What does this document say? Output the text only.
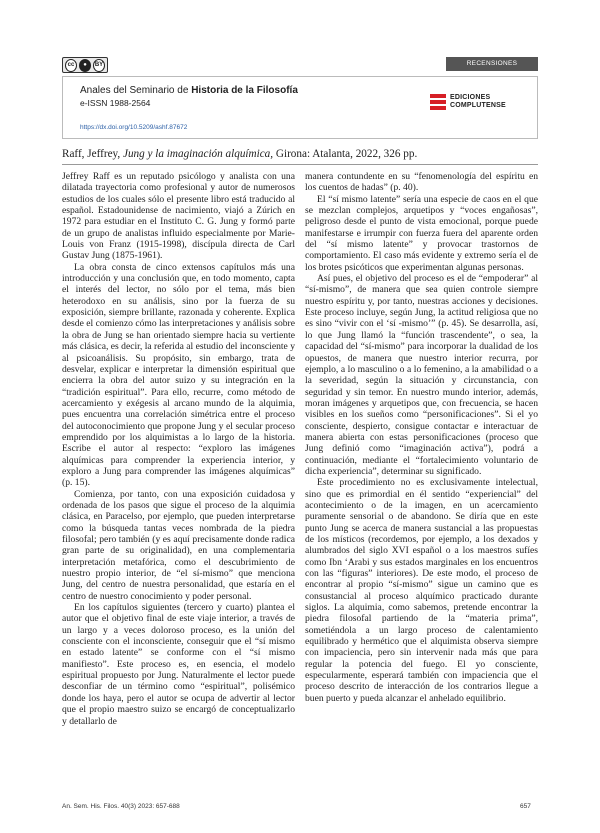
cc	●	BY	RECENSIONES
Anales del Seminario de Historia de la Filosofía
e-ISSN 1988-2564
https://dx.doi.org/10.5209/ashf.87672
EDICIONES
COMPLUTENSE
Raff, Jeffrey, Jung y la imaginación alquímica, Girona: Atalanta, 2022, 326 pp.

Jeffrey Raff es un reputado psicólogo y analista con una dilatada trayectoria como profesional y autor de numerosos estudios de los cuales sólo el presente libro está traducido al español. Estadounidense de nacimiento, viajó a Zúrich en 1972 para estudiar en el Instituto C. G. Jung y formó parte de un grupo de analistas influido especialmente por Marie-Louis von Franz (1915-1998), discípula directa de Carl Gustav Jung (1875-1961).

La obra consta de cinco extensos capítulos más una introducción y una conclusión que, en todo momento, capta el interés del lector, no sólo por el tema, más bien heterodoxo en su análisis, sino por la fuerza de su exposición, siempre brillante, razonada y coherente. Explica desde el comienzo cómo las interpretaciones y análisis sobre la obra de Jung se han orientado siempre hacia su vertiente más clásica, es decir, la referida al estudio del inconsciente y al psicoanálisis. Su propósito, sin embargo, trata de desvelar, explicar e interpretar la dimensión espiritual que encierra la obra del autor suizo y su integración en la “tradición espiritual”. Para ello, recurre, como método de acercamiento y exégesis al arcano mundo de la alquimia, pues encuentra una correlación simétrica entre el proceso del autoconocimiento que propone Jung y el secular proceso emprendido por los alquimistas a lo largo de la historia. Escribe el autor al respecto: “exploro las imágenes alquímicas para comprender la experiencia interior, y exploro a Jung para comprender las imágenes alquímicas” (p. 15).

Comienza, por tanto, con una exposición cuidadosa y ordenada de los pasos que sigue el proceso de la alquimia clásica, en Paracelso, por ejemplo, que pueden interpretarse como la búsqueda tantas veces nombrada de la piedra filosofal; pero también (y es aquí precisamente donde radica gran parte de su originalidad), en una complementaria interpretación metafórica, como el descubrimiento de nuestro propio interior, de “el sí-mismo” que menciona Jung, del centro de nuestra personalidad, que estaría en el centro de nuestro conocimiento y poder personal.

En los capítulos siguientes (tercero y cuarto) plantea el autor que el objetivo final de este viaje interior, a través de un largo y a veces doloroso proceso, es la unión del consciente con el inconsciente, conseguir que el “sí mismo en estado latente” se conforme con el “sí mismo manifiesto”. Este proceso es, en esencia, el modelo espiritual propuesto por Jung. Naturalmente el lector puede desconfiar de un término como “espiritual”, polisémico donde los haya, pero el autor se ocupa de advertir al lector que el propio maestro suizo se encargó de conceptualizarlo y detallarlo de

manera contundente en su “fenomenología del espíritu en los cuentos de hadas” (p. 40).

El “sí mismo latente” sería una especie de caos en el que se mezclan complejos, arquetipos y “voces engañosas”, peligroso desde el punto de vista emocional, porque puede manifestarse e irrumpir con fuerza fuera del aparente orden del “sí mismo latente” y provocar trastornos de comportamiento. El caso más evidente y extremo sería el de los brotes psicóticos que experimentan algunas personas.

Así pues, el objetivo del proceso es el de “empoderar” al “sí-mismo”, de manera que sea quien controle siempre nuestro espíritu y, por tanto, nuestras acciones y decisiones. Este proceso incluye, según Jung, la actitud religiosa que no es sino “vivir con el ‘sí -mismo’” (p. 45). Se desarrolla, así, lo que Jung llamó la “función trascendente”, o sea, la capacidad del “sí-mismo” para incorporar la dualidad de los opuestos, de manera que nuestro interior recurra, por ejemplo, a lo masculino o a lo femenino, a la amabilidad o a la severidad, según la situación y circunstancia, con seguridad y sin temor. En nuestro mundo interior, además, moran imágenes y arquetipos que, con frecuencia, se hacen visibles en los sueños como “personificaciones”. Si el yo consciente, despierto, consigue contactar e interactuar de manera abierta con estas personificaciones (proceso que Jung definió como “imaginación activa”), podrá a continuación, mediante el “fortalecimiento voluntario de dicha experiencia”, determinar su significado.

Este procedimiento no es exclusivamente intelectual, sino que es primordial en él sentido “experiencial” del acontecimiento o de la imagen, en un acercamiento puramente sensorial o de abandono. Se diría que en este punto Jung se acerca de manera sustancial a las propuestas de los místicos (recordemos, por ejemplo, a los dexados y alumbrados del siglo XVI español o a los maestros sufíes como Ibn ‘Arabi y sus estados marginales en los encuentros con las “figuras” interiores). De este modo, el proceso de encontrar al propio “sí-mismo” sigue un camino que es consustancial al proceso alquímico practicado durante siglos. La alquimia, como sabemos, pretende encontrar la piedra filosofal partiendo de la “materia prima”, sometiéndola a un largo proceso de calentamiento equilibrado y hermético que el alquimista observa siempre con impaciencia, pero sin intervenir nada más que para regular la potencia del fuego. El yo consciente, especularmente, esperará también con impaciencia que el proceso descrito de interacción de los contrarios llegue a buen puerto y pueda alcanzar el anhelado equilibrio.

An. Sem. His. Filos. 40(3) 2023: 657-688	657
